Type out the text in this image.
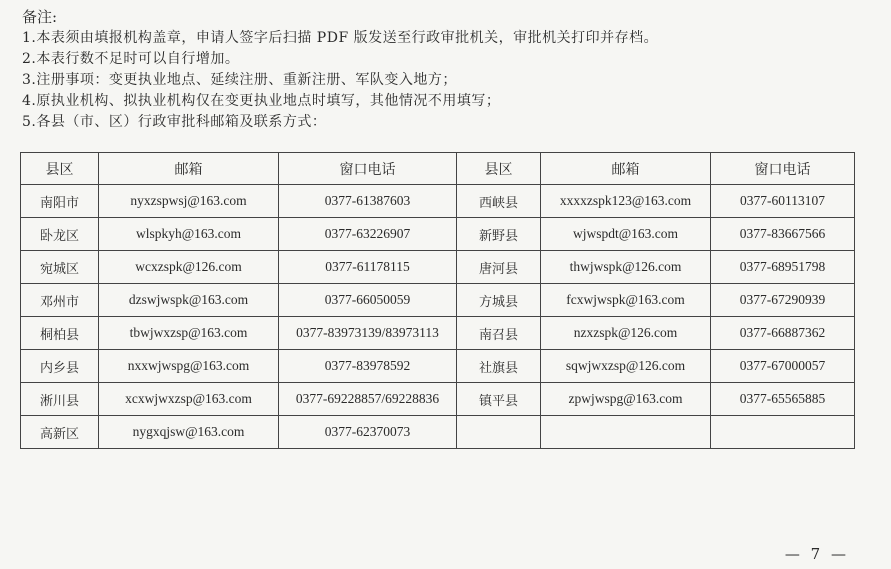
备注:
1.本表须由填报机构盖章，申请人签字后扫描 PDF 版发送至行政审批机关，审批机关打印并存档。
2.本表行数不足时可以自行增加。
3.注册事项：变更执业地点、延续注册、重新注册、军队变入地方；
4.原执业机构、拟执业机构仅在变更执业地点时填写，其他情况不用填写；
5.各县（市、区）行政审批科邮箱及联系方式：
县区	邮箱	窗口电话	县区	邮箱	窗口电话
南阳市	nyxzspwsj@163.com	0377-61387603	西峡县	xxxxzspk123@163.com	0377-60113107
卧龙区	wlspkyh@163.com	0377-63226907	新野县	wjwspdt@163.com	0377-83667566
宛城区	wcxzspk@126.com	0377-61178115	唐河县	thwjwspk@126.com	0377-68951798
邓州市	dzswjwspk@163.com	0377-66050059	方城县	fcxwjwspk@163.com	0377-67290939
桐柏县	tbwjwxzsp@163.com	0377-83973139/83973113	南召县	nzxzspk@126.com	0377-66887362
内乡县	nxxwjwspg@163.com	0377-83978592	社旗县	sqwjwxzsp@126.com	0377-67000057
淅川县	xcxwjwxzsp@163.com	0377-69228857/69228836	镇平县	zpwjwspg@163.com	0377-65565885
高新区	nygxqjsw@163.com	0377-62370073			
— 7 —
